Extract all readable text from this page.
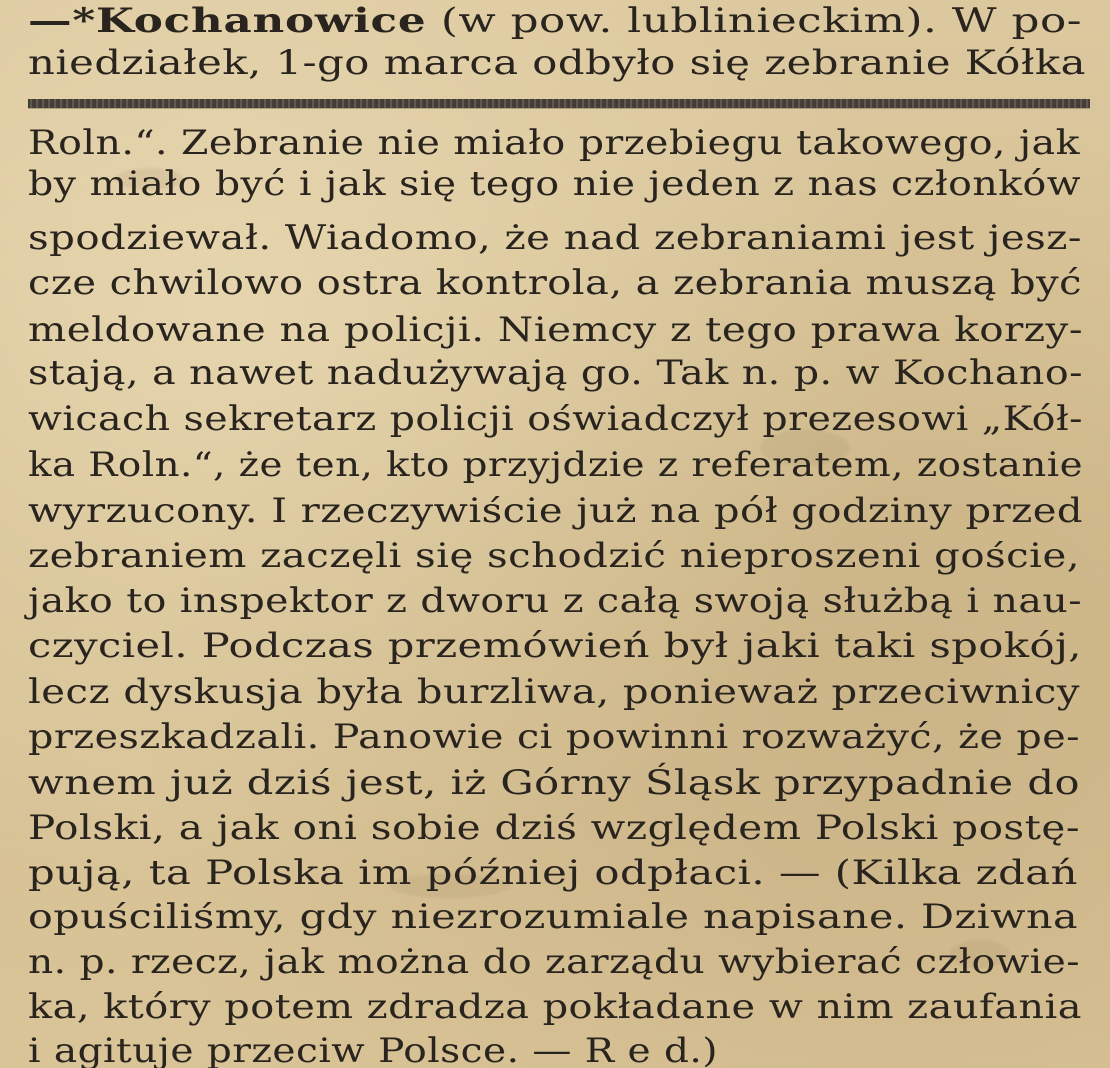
—*Kochanowice (w pow. lublinieckim). W po-
niedziałek, 1-go marca odbyło się zebranie Kółka
Roln.“. Zebranie nie miało przebiegu takowego, jak
by miało być i jak się tego nie jeden z nas członków
spodziewał. Wiadomo, że nad zebraniami jest jesz-
cze chwilowo ostra kontrola, a zebrania muszą być
meldowane na policji. Niemcy z tego prawa korzy-
stają, a nawet nadużywają go. Tak n. p. w Kochano-
wicach sekretarz policji oświadczył prezesowi „Kół-
ka Roln.“, że ten, kto przyjdzie z referatem, zostanie
wyrzucony. I rzeczywiście już na pół godziny przed
zebraniem zaczęli się schodzić nieproszeni goście,
jako to inspektor z dworu z całą swoją służbą i nau-
czyciel. Podczas przemówień był jaki taki spokój,
lecz dyskusja była burzliwa, ponieważ przeciwnicy
przeszkadzali. Panowie ci powinni rozważyć, że pe-
wnem już dziś jest, iż Górny Śląsk przypadnie do
Polski, a jak oni sobie dziś względem Polski postę-
pują, ta Polska im później odpłaci. — (Kilka zdań
opuściliśmy, gdy niezrozumiale napisane. Dziwna
n. p. rzecz, jak można do zarządu wybierać człowie-
ka, który potem zdradza pokładane w nim zaufania
i agituje przeciw Polsce. — R e d.)
